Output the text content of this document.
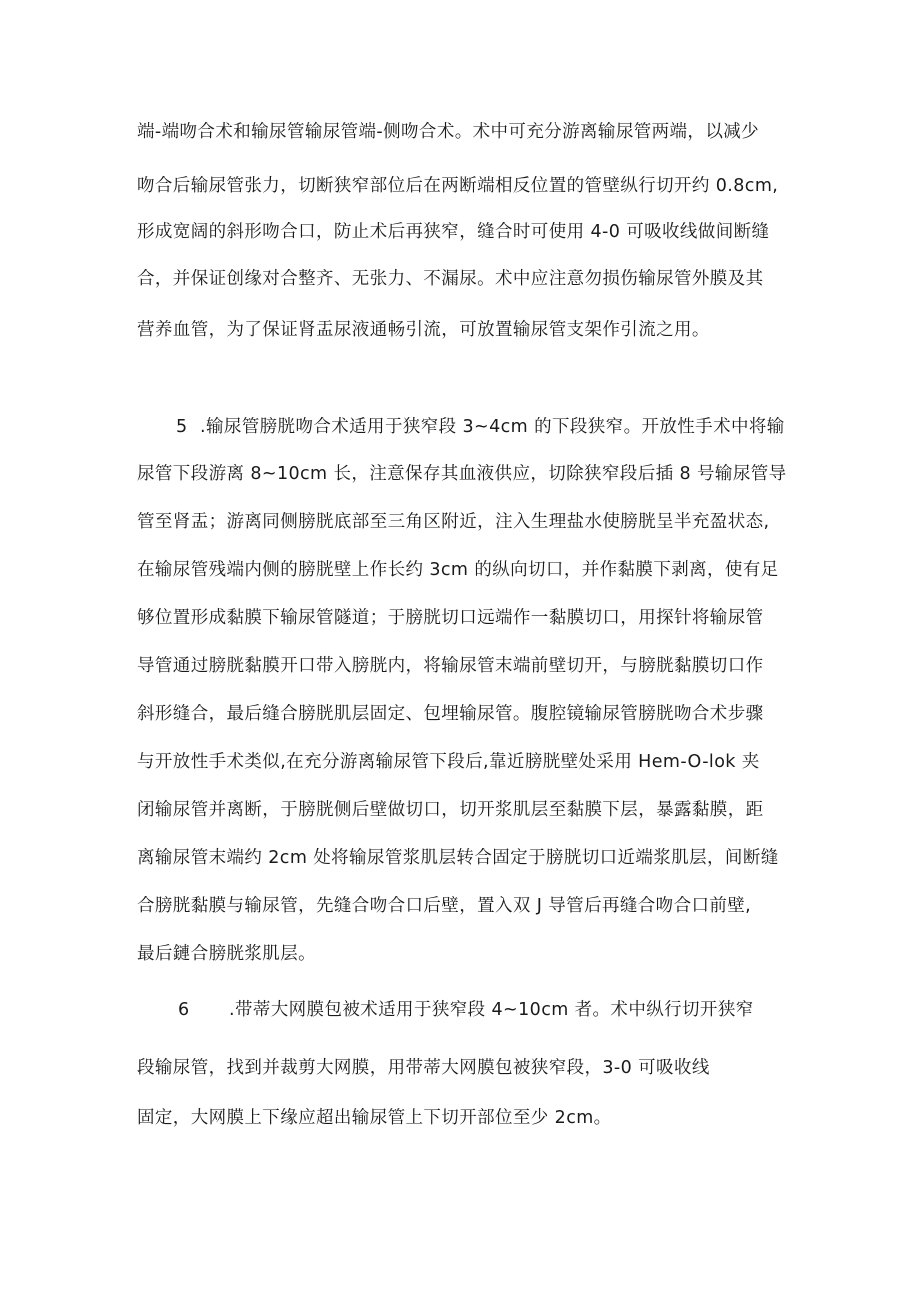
端-端吻合术和输尿管输尿管端-侧吻合术。术中可充分游离输尿管两端，以减少
吻合后输尿管张力，切断狭窄部位后在两断端相反位置的管壁纵行切开约 0.8cm,
形成宽阔的斜形吻合口，防止术后再狭窄，缝合时可使用 4-0 可吸收线做间断缝
合，并保证创缘对合整齐、无张力、不漏尿。术中应注意勿损伤输尿管外膜及其
营养血管，为了保证肾盂尿液通畅引流，可放置输尿管支架作引流之用。
5 .输尿管膀胱吻合术适用于狭窄段 3~4cm 的下段狭窄。开放性手术中将输
尿管下段游离 8~10cm 长，注意保存其血液供应，切除狭窄段后插 8 号输尿管导
管至肾盂；游离同侧膀胱底部至三角区附近，注入生理盐水使膀胱呈半充盈状态,
在输尿管残端内侧的膀胱壁上作长约 3cm 的纵向切口，并作黏膜下剥离，使有足
够位置形成黏膜下输尿管隧道；于膀胱切口远端作一黏膜切口，用探针将输尿管
导管通过膀胱黏膜开口带入膀胱内，将输尿管末端前壁切开，与膀胱黏膜切口作
斜形缝合，最后缝合膀胱肌层固定、包埋输尿管。腹腔镜输尿管膀胱吻合术步骤
与开放性手术类似,在充分游离输尿管下段后,靠近膀胱壁处采用 Hem-O-lok 夹
闭输尿管并离断，于膀胱侧后壁做切口，切开浆肌层至黏膜下层，暴露黏膜，距
离输尿管末端约 2cm 处将输尿管浆肌层转合固定于膀胱切口近端浆肌层，间断缝
合膀胱黏膜与输尿管，先缝合吻合口后壁，置入双 J 导管后再缝合吻合口前壁,
最后鏈合膀胱浆肌层。
6 .带蒂大网膜包被术适用于狭窄段 4~10cm 者。术中纵行切开狭窄
段输尿管，找到并裁剪大网膜，用带蒂大网膜包被狭窄段，3-0 可吸收线
固定，大网膜上下缘应超出输尿管上下切开部位至少 2cm。
